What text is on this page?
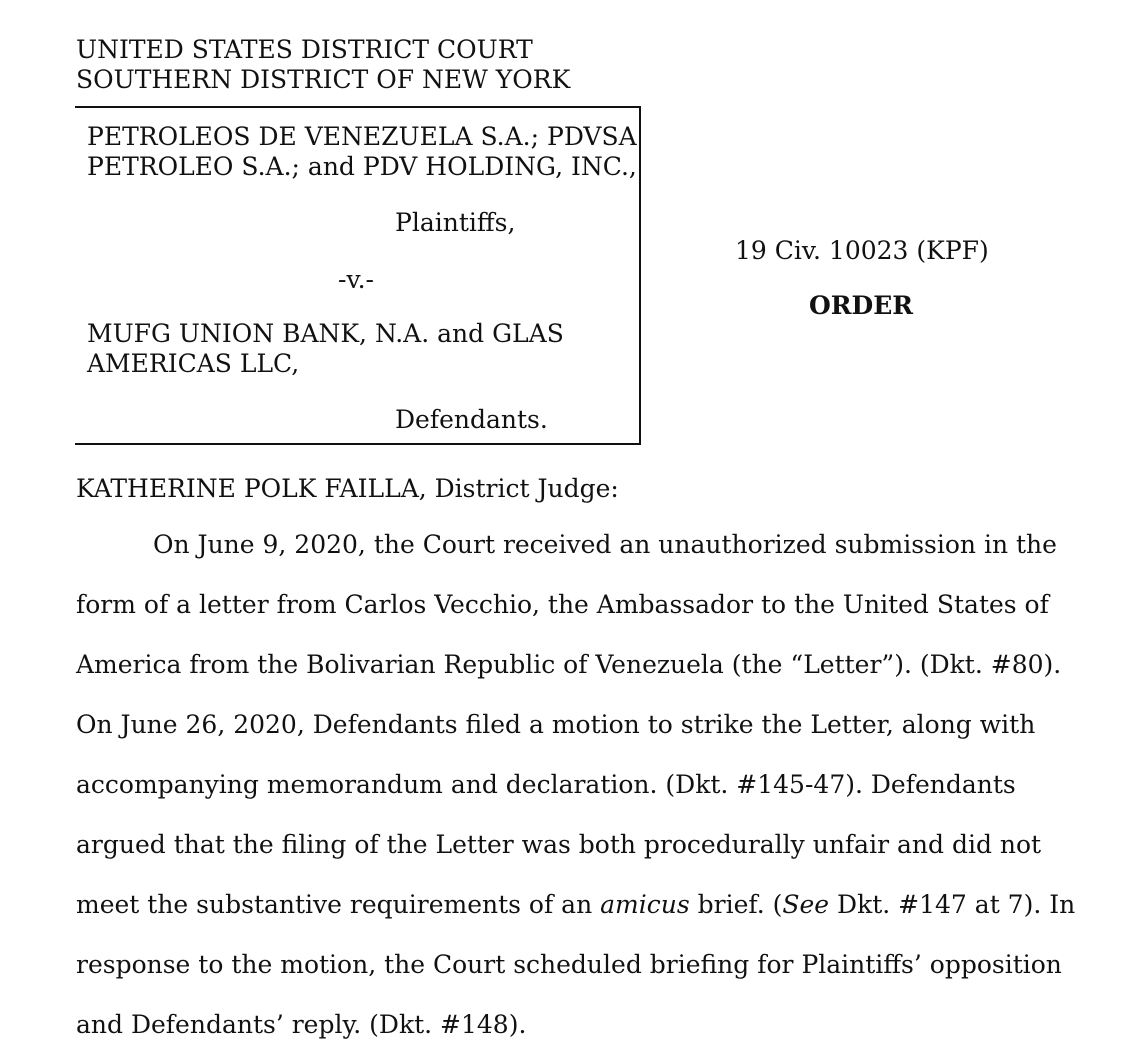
UNITED STATES DISTRICT COURT
SOUTHERN DISTRICT OF NEW YORK
PETROLEOS DE VENEZUELA S.A.; PDVSA
PETROLEO S.A.; and PDV HOLDING, INC.,
Plaintiffs,
-v.-
MUFG UNION BANK, N.A. and GLAS
AMERICAS LLC,
Defendants.
19 Civ. 10023 (KPF)
ORDER
KATHERINE POLK FAILLA, District Judge:
On June 9, 2020, the Court received an unauthorized submission in the
form of a letter from Carlos Vecchio, the Ambassador to the United States of
America from the Bolivarian Republic of Venezuela (the “Letter”). (Dkt. #80).
On June 26, 2020, Defendants filed a motion to strike the Letter, along with
accompanying memorandum and declaration. (Dkt. #145-47). Defendants
argued that the filing of the Letter was both procedurally unfair and did not
meet the substantive requirements of an amicus brief. (See Dkt. #147 at 7). In
response to the motion, the Court scheduled briefing for Plaintiffs’ opposition
and Defendants’ reply. (Dkt. #148).
